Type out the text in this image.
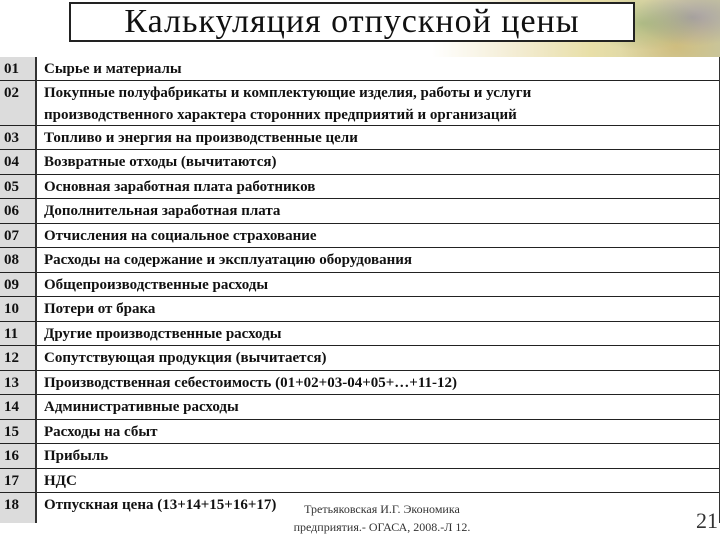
Калькуляция отпускной цены
01	Сырье и материалы
02	Покупные полуфабрикаты и комплектующие изделия, работы и услуги
производственного характера сторонних предприятий и организаций
03	Топливо и энергия на производственные цели
04	Возвратные отходы (вычитаются)
05	Основная заработная плата работников
06	Дополнительная заработная плата
07	Отчисления на социальное страхование
08	Расходы на содержание и эксплуатацию оборудования
09	Общепроизводственные расходы
10	Потери от брака
11	Другие производственные расходы
12	Сопутствующая продукция (вычитается)
13	Производственная себестоимость (01+02+03-04+05+…+11-12)
14	Административные расходы
15	Расходы на сбыт
16	Прибыль
17	НДС
18	Отпускная цена (13+14+15+16+17)	Третьяковская И.Г. Экономика
предприятия.- ОГАСА, 2008.-Л 12.	21
